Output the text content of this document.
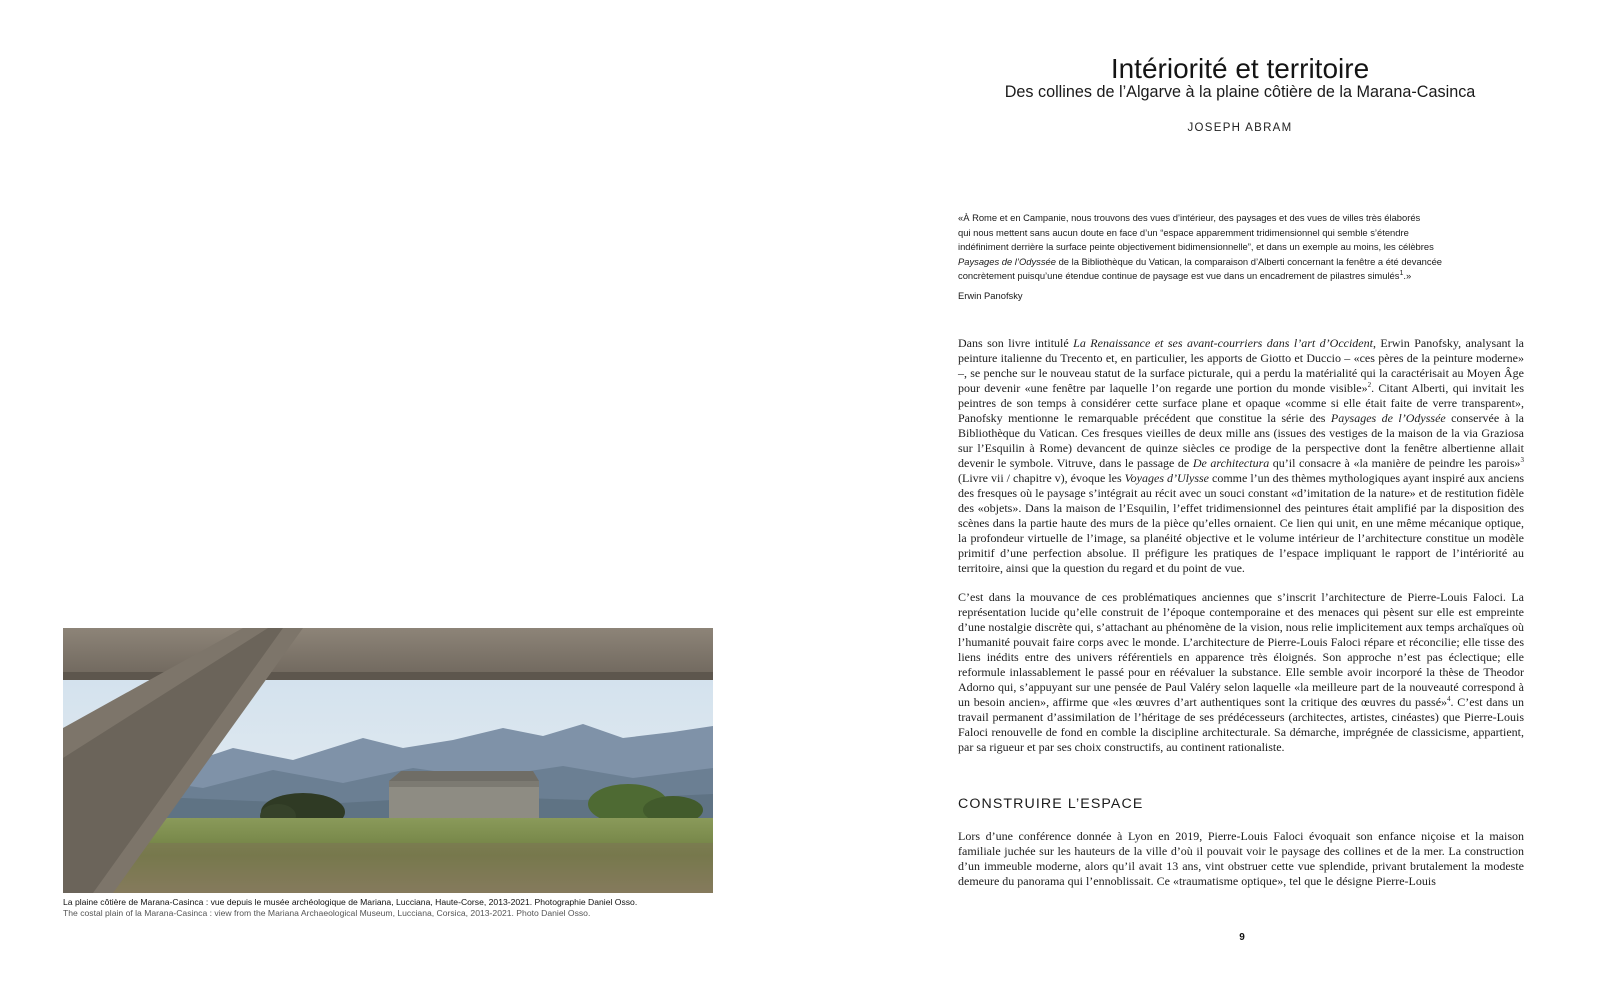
La plaine côtière de Marana-Casinca : vue depuis le musée archéologique de Mariana, Lucciana, Haute-Corse, 2013-2021. Photographie Daniel Osso.
The costal plain of la Marana-Casinca : view from the Mariana Archaeological Museum, Lucciana, Corsica, 2013-2021. Photo Daniel Osso.
Intériorité et territoire
Des collines de l’Algarve à la plaine côtière de la Marana-Casinca
JOSEPH ABRAM
«À Rome et en Campanie, nous trouvons des vues d’intérieur, des paysages et des vues de villes très élaborés
qui nous mettent sans aucun doute en face d’un “espace apparemment tridimensionnel qui semble s’étendre
indéfiniment derrière la surface peinte objectivement bidimensionnelle”, et dans un exemple au moins, les célèbres
Paysages de l’Odyssée de la Bibliothèque du Vatican, la comparaison d’Alberti concernant la fenêtre a été devancée
concrètement puisqu’une étendue continue de paysage est vue dans un encadrement de pilastres simulés$^1$.»
Erwin Panofsky

Dans son livre intitulé La Renaissance et ses avant-courriers dans l’art d’Occident, Erwin Panofsky, analysant la peinture italienne du Trecento et, en particulier, les apports de Giotto et Duccio – «ces pères de la peinture moderne» –, se penche sur le nouveau statut de la surface picturale, qui a perdu la matérialité qui la caractérisait au Moyen Âge pour devenir «une fenêtre par laquelle l’on regarde une portion du monde visible»$^2$. Citant Alberti, qui invitait les peintres de son temps à considérer cette surface plane et opaque «comme si elle était faite de verre transparent», Panofsky mentionne le remarquable précédent que constitue la série des Paysages de l’Odyssée conservée à la Bibliothèque du Vatican. Ces fresques vieilles de deux mille ans (issues des vestiges de la maison de la via Graziosa sur l’Esquilin à Rome) devancent de quinze siècles ce prodige de la perspective dont la fenêtre albertienne allait devenir le symbole. Vitruve, dans le passage de De architectura qu’il consacre à «la manière de peindre les parois»$^3$ (Livre vii / chapitre v), évoque les Voyages d’Ulysse comme l’un des thèmes mythologiques ayant inspiré aux anciens des fresques où le paysage s’intégrait au récit avec un souci constant «d’imitation de la nature» et de restitution fidèle des «objets». Dans la maison de l’Esquilin, l’effet tridimensionnel des peintures était amplifié par la disposition des scènes dans la partie haute des murs de la pièce qu’elles ornaient. Ce lien qui unit, en une même mécanique optique, la profondeur virtuelle de l’image, sa planéité objective et le volume intérieur de l’architecture constitue un modèle primitif d’une perfection absolue. Il préfigure les pratiques de l’espace impliquant le rapport de l’intériorité au territoire, ainsi que la question du regard et du point de vue.

C’est dans la mouvance de ces problématiques anciennes que s’inscrit l’architecture de Pierre-Louis Faloci. La représentation lucide qu’elle construit de l’époque contemporaine et des menaces qui pèsent sur elle est empreinte d’une nostalgie discrète qui, s’attachant au phénomène de la vision, nous relie implicitement aux temps archaïques où l’humanité pouvait faire corps avec le monde. L’architecture de Pierre-Louis Faloci répare et réconcilie; elle tisse des liens inédits entre des univers référentiels en apparence très éloignés. Son approche n’est pas éclectique; elle reformule inlassablement le passé pour en réévaluer la substance. Elle semble avoir incorporé la thèse de Theodor Adorno qui, s’appuyant sur une pensée de Paul Valéry selon laquelle «la meilleure part de la nouveauté correspond à un besoin ancien», affirme que «les œuvres d’art authentiques sont la critique des œuvres du passé»$^4$. C’est dans un travail permanent d’assimilation de l’héritage de ses prédécesseurs (architectes, artistes, cinéastes) que Pierre-Louis Faloci renouvelle de fond en comble la discipline architecturale. Sa démarche, imprégnée de classicisme, appartient, par sa rigueur et par ses choix constructifs, au continent rationaliste.

CONSTRUIRE L’ESPACE

Lors d’une conférence donnée à Lyon en 2019, Pierre-Louis Faloci évoquait son enfance niçoise et la maison familiale juchée sur les hauteurs de la ville d’où il pouvait voir le paysage des collines et de la mer. La construction d’un immeuble moderne, alors qu’il avait 13 ans, vint obstruer cette vue splendide, privant brutalement la modeste demeure du panorama qui l’ennoblissait. Ce «traumatisme optique», tel que le désigne Pierre-Louis

9
